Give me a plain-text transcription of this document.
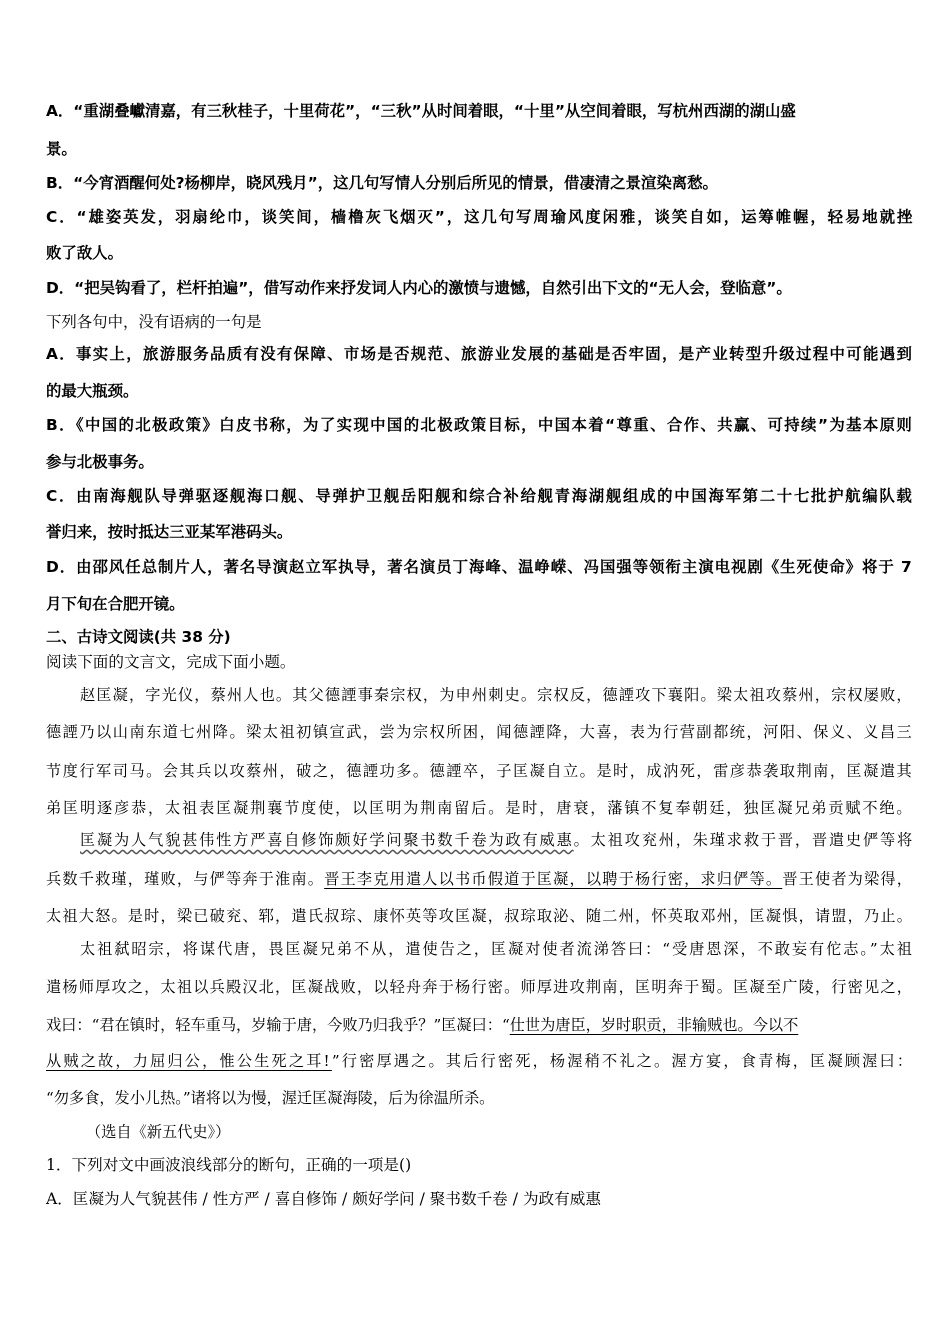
A．“重湖叠巘清嘉，有三秋桂子，十里荷花”，“三秋”从时间着眼，“十里”从空间着眼，写杭州西湖的湖山盛
景。
B．“今宵酒醒何处?杨柳岸，晓风残月”，这几句写情人分别后所见的情景，借凄清之景渲染离愁。
C．“雄姿英发，羽扇纶巾，谈笑间，樯橹灰飞烟灭”，这几句写周瑜风度闲雅，谈笑自如，运筹帷幄，轻易地就挫
败了敌人。
D．“把吴钩看了，栏杆拍遍”，借写动作来抒发词人内心的激愤与遗憾，自然引出下文的“无人会，登临意”。
下列各句中，没有语病的一句是
A．事实上，旅游服务品质有没有保障、市场是否规范、旅游业发展的基础是否牢固，是产业转型升级过程中可能遇到
的最大瓶颈。
B．《中国的北极政策》白皮书称，为了实现中国的北极政策目标，中国本着“尊重、合作、共赢、可持续”为基本原则
参与北极事务。
C．由南海舰队导弹驱逐舰海口舰、导弹护卫舰岳阳舰和综合补给舰青海湖舰组成的中国海军第二十七批护航编队载
誉归来，按时抵达三亚某军港码头。
D．由邵风任总制片人，著名导演赵立军执导，著名演员丁海峰、温峥嵘、冯国强等领衔主演电视剧《生死使命》将于 7
月下旬在合肥开镜。
二、古诗文阅读(共 38 分)
阅读下面的文言文，完成下面小题。
赵匡凝，字光仪，蔡州人也。其父德諲事秦宗权，为申州刺史。宗权反，德諲攻下襄阳。梁太祖攻蔡州，宗权屡败，
德諲乃以山南东道七州降。梁太祖初镇宣武，尝为宗权所困，闻德諲降，大喜，表为行营副都统，河阳、保义、义昌三
节度行军司马。会其兵以攻蔡州，破之，德諲功多。德諲卒，子匡凝自立。是时，成汭死，雷彦恭袭取荆南，匡凝遣其
弟匡明逐彦恭，太祖表匡凝荆襄节度使，以匡明为荆南留后。是时，唐衰，藩镇不复奉朝廷，独匡凝兄弟贡赋不绝。
匡凝为人气貌甚伟性方严喜自修饰颇好学问聚书数千卷为政有威惠。太祖攻兖州，朱瑾求救于晋，晋遣史俨等将
兵数千救瑾，瑾败，与俨等奔于淮南。晋王李克用遣人以书币假道于匡凝，以聘于杨行密，求归俨等。晋王使者为梁得，
太祖大怒。是时，梁已破兖、郓，遣氏叔琮、康怀英等攻匡凝，叔琮取泌、随二州，怀英取邓州，匡凝惧，请盟，乃止。
太祖弑昭宗，将谋代唐，畏匡凝兄弟不从，遣使告之，匡凝对使者流涕答曰：“受唐恩深，不敢妄有佗志。”太祖
遣杨师厚攻之，太祖以兵殿汉北，匡凝战败，以轻舟奔于杨行密。师厚进攻荆南，匡明奔于蜀。匡凝至广陵，行密见之，
戏曰：“君在镇时，轻车重马，岁输于唐，今败乃归我乎？”匡凝曰：“仕世为唐臣，岁时职贡，非输贼也。今以不
从贼之故，力屈归公，惟公生死之耳!”行密厚遇之。其后行密死，杨渥稍不礼之。渥方宴，食青梅，匡凝顾渥曰：
“勿多食，发小儿热。”诸将以为慢，渥迁匡凝海陵，后为徐温所杀。
（选自《新五代史》）
1．下列对文中画波浪线部分的断句，正确的一项是()
A．匡凝为人气貌甚伟 / 性方严 / 喜自修饰 / 颇好学问 / 聚书数千卷 / 为政有威惠
